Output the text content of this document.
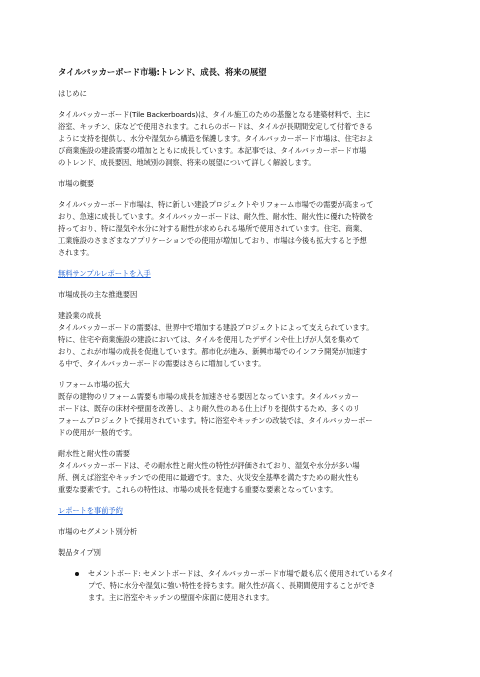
タイルバッカーボード市場:トレンド、成長、将来の展望
はじめに
タイルバッカーボード(Tile Backerboards)は、タイル施工のための基盤となる建築材料で、主に
浴室、キッチン、床などで使用されます。これらのボードは、タイルが長期間安定して付着できる
ように支持を提供し、水分や湿気から構造を保護します。タイルバッカーボード市場は、住宅およ
び商業施設の建設需要の増加とともに成長しています。本記事では、タイルバッカーボード市場
のトレンド、成長要因、地域別の洞察、将来の展望について詳しく解説します。
市場の概要
タイルバッカーボード市場は、特に新しい建設プロジェクトやリフォーム市場での需要が高まって
おり、急速に成長しています。タイルバッカーボードは、耐久性、耐水性、耐火性に優れた特徴を
持っており、特に湿気や水分に対する耐性が求められる場所で使用されています。住宅、商業、
工業施設のさまざまなアプリケーションでの使用が増加しており、市場は今後も拡大すると予想
されます。
無料サンプルレポートを入手
市場成長の主な推進要因
建設業の成長
タイルバッカーボードの需要は、世界中で増加する建設プロジェクトによって支えられています。
特に、住宅や商業施設の建設においては、タイルを使用したデザインや仕上げが人気を集めて
おり、これが市場の成長を促進しています。都市化が進み、新興市場でのインフラ開発が加速す
る中で、タイルバッカーボードの需要はさらに増加しています。
リフォーム市場の拡大
既存の建物のリフォーム需要も市場の成長を加速させる要因となっています。タイルバッカー
ボードは、既存の床材や壁面を改善し、より耐久性のある仕上げりを提供するため、多くのリ
フォームプロジェクトで採用されています。特に浴室やキッチンの改装では、タイルバッカーボー
ドの使用が一般的です。
耐水性と耐火性の需要
タイルバッカーボードは、その耐水性と耐火性の特性が評価されており、湿気や水分が多い場
所、例えば浴室やキッチンでの使用に最適です。また、火災安全基準を満たすための耐火性も
重要な要素です。これらの特性は、市場の成長を促進する重要な要素となっています。
レポートを事前予約
市場のセグメント別分析
製品タイプ別
セメントボード: セメントボードは、タイルバッカーボード市場で最も広く使用されているタイ
プで、特に水分や湿気に強い特性を持ちます。耐久性が高く、長期間使用することができ
ます。主に浴室やキッチンの壁面や床面に使用されます。
